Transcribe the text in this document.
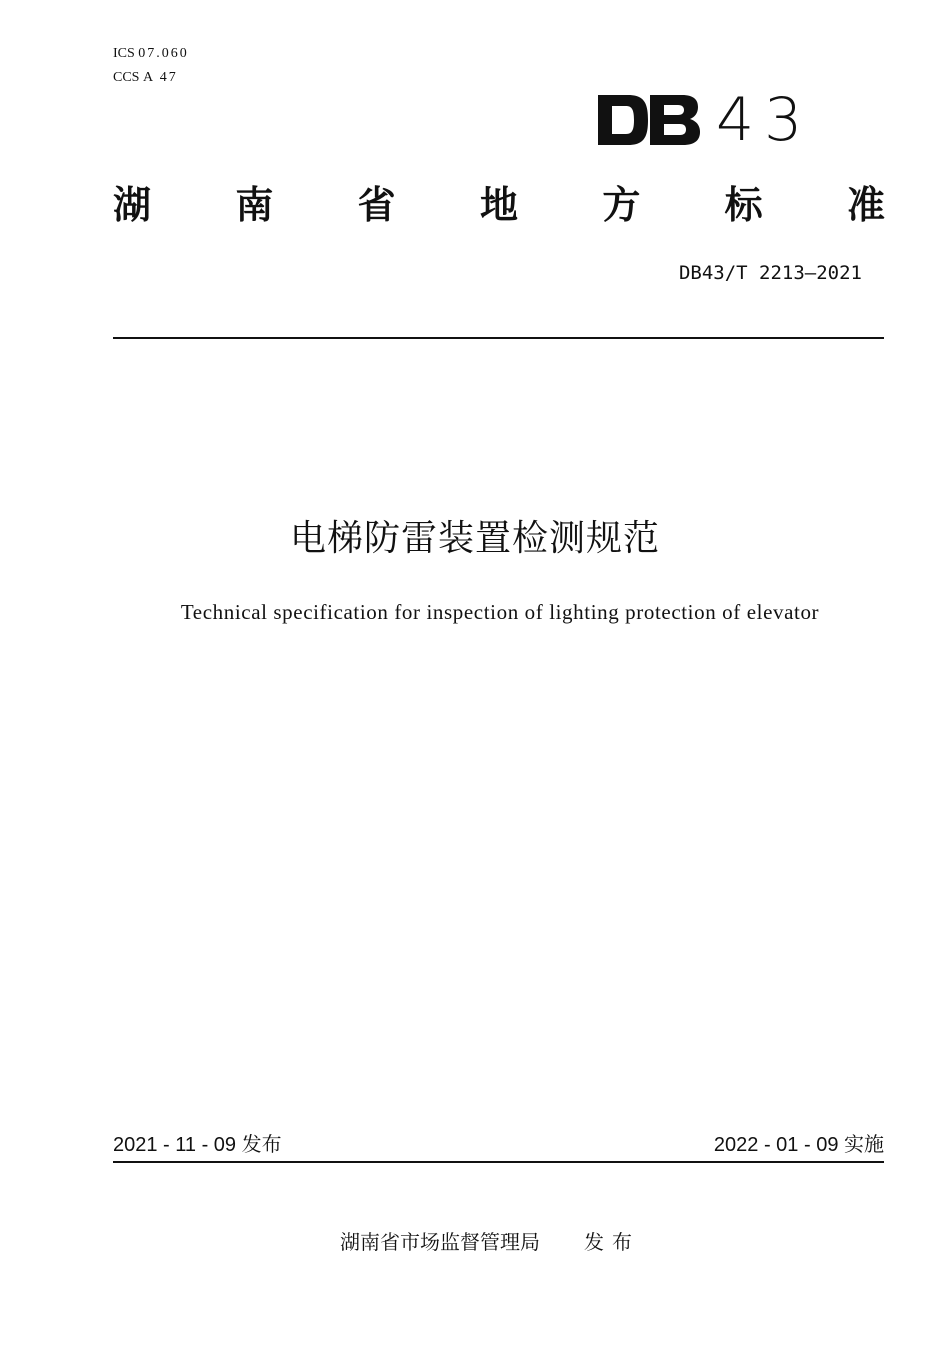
ICS 07.060
CCS A 47
43
湖 南 省 地 方 标 准
DB43/T 2213—2021
电梯防雷装置检测规范
Technical specification for inspection of lighting protection of elevator
2021 - 11 - 09 发布	2022 - 01 - 09 实施
湖南省市场监督管理局 发布
